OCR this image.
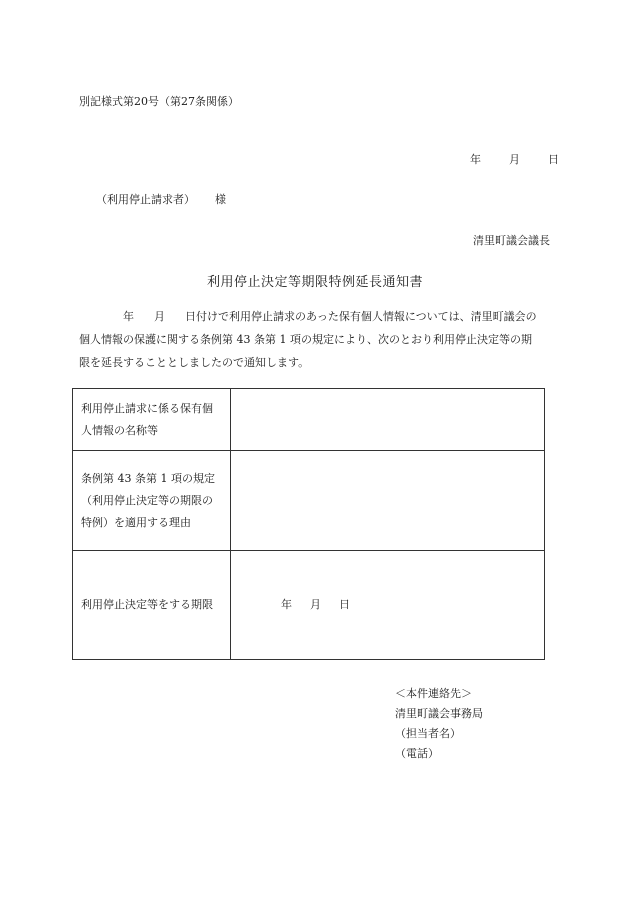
別記様式第20号（第27条関係）
年	月	日
（利用停止請求者） 様
清里町議会議長
利用停止決定等期限特例延長通知書

年 月 日付けで利用停止請求のあった保有個人情報については、清里町議会の

個人情報の保護に関する条例第 43 条第 1 項の規定により、次のとおり利用停止決定等の期

限を延長することとしましたので通知します。

利用停止請求に係る保有個
人情報の名称等	

条例第 43 条第 1 項の規定
（利用停止決定等の期限の
特例）を適用する理由	

利用停止決定等をする期限	年 月 日
＜本件連絡先＞
清里町議会事務局
（担当者名）
（電話）
